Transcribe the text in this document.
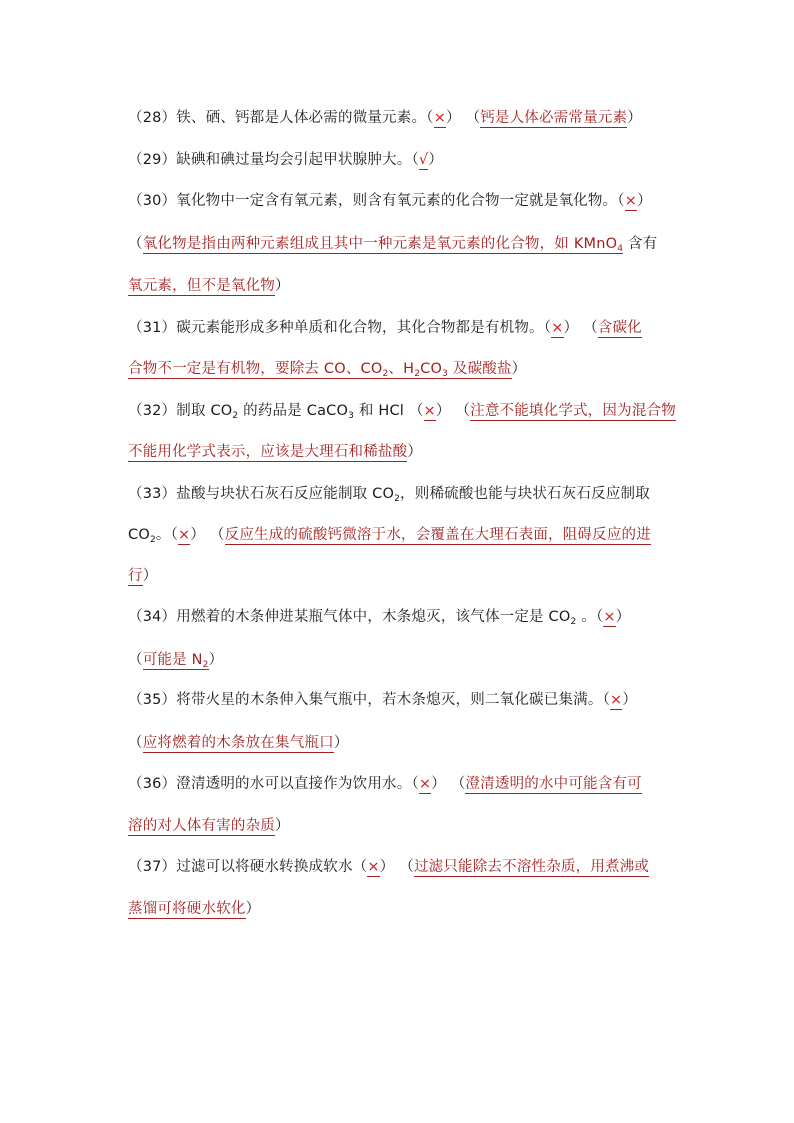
（28）铁、硒、钙都是人体必需的微量元素。（×） （钙是人体必需常量元素）
（29）缺碘和碘过量均会引起甲状腺肿大。（√）
（30）氧化物中一定含有氧元素，则含有氧元素的化合物一定就是氧化物。（×）
（氧化物是指由两种元素组成且其中一种元素是氧元素的化合物，如 KMnO$_4$ 含有
氧元素，但不是氧化物）
（31）碳元素能形成多种单质和化合物，其化合物都是有机物。（×） （含碳化
合物不一定是有机物，要除去 CO、$CO_2$、$H_2CO_3$ 及碳酸盐）
（32）制取 $CO_2$ 的药品是 CaCO$_3$ 和 HCl （×） （注意不能填化学式，因为混合物
不能用化学式表示，应该是大理石和稀盐酸）
（33）盐酸与块状石灰石反应能制取 $CO_2$，则稀硫酸也能与块状石灰石反应制取
$CO_2$。（×） （反应生成的硫酸钙微溶于水，会覆盖在大理石表面，阻碍反应的进
行）
（34）用燃着的木条伸进某瓶气体中，木条熄灭，该气体一定是 $CO_2$ 。（×）
（可能是 $N_2$）
（35）将带火星的木条伸入集气瓶中，若木条熄灭，则二氧化碳已集满。（×）
（应将燃着的木条放在集气瓶口）
（36）澄清透明的水可以直接作为饮用水。（×） （澄清透明的水中可能含有可
溶的对人体有害的杂质）
（37）过滤可以将硬水转换成软水（×） （过滤只能除去不溶性杂质，用煮沸或
蒸馏可将硬水软化）
